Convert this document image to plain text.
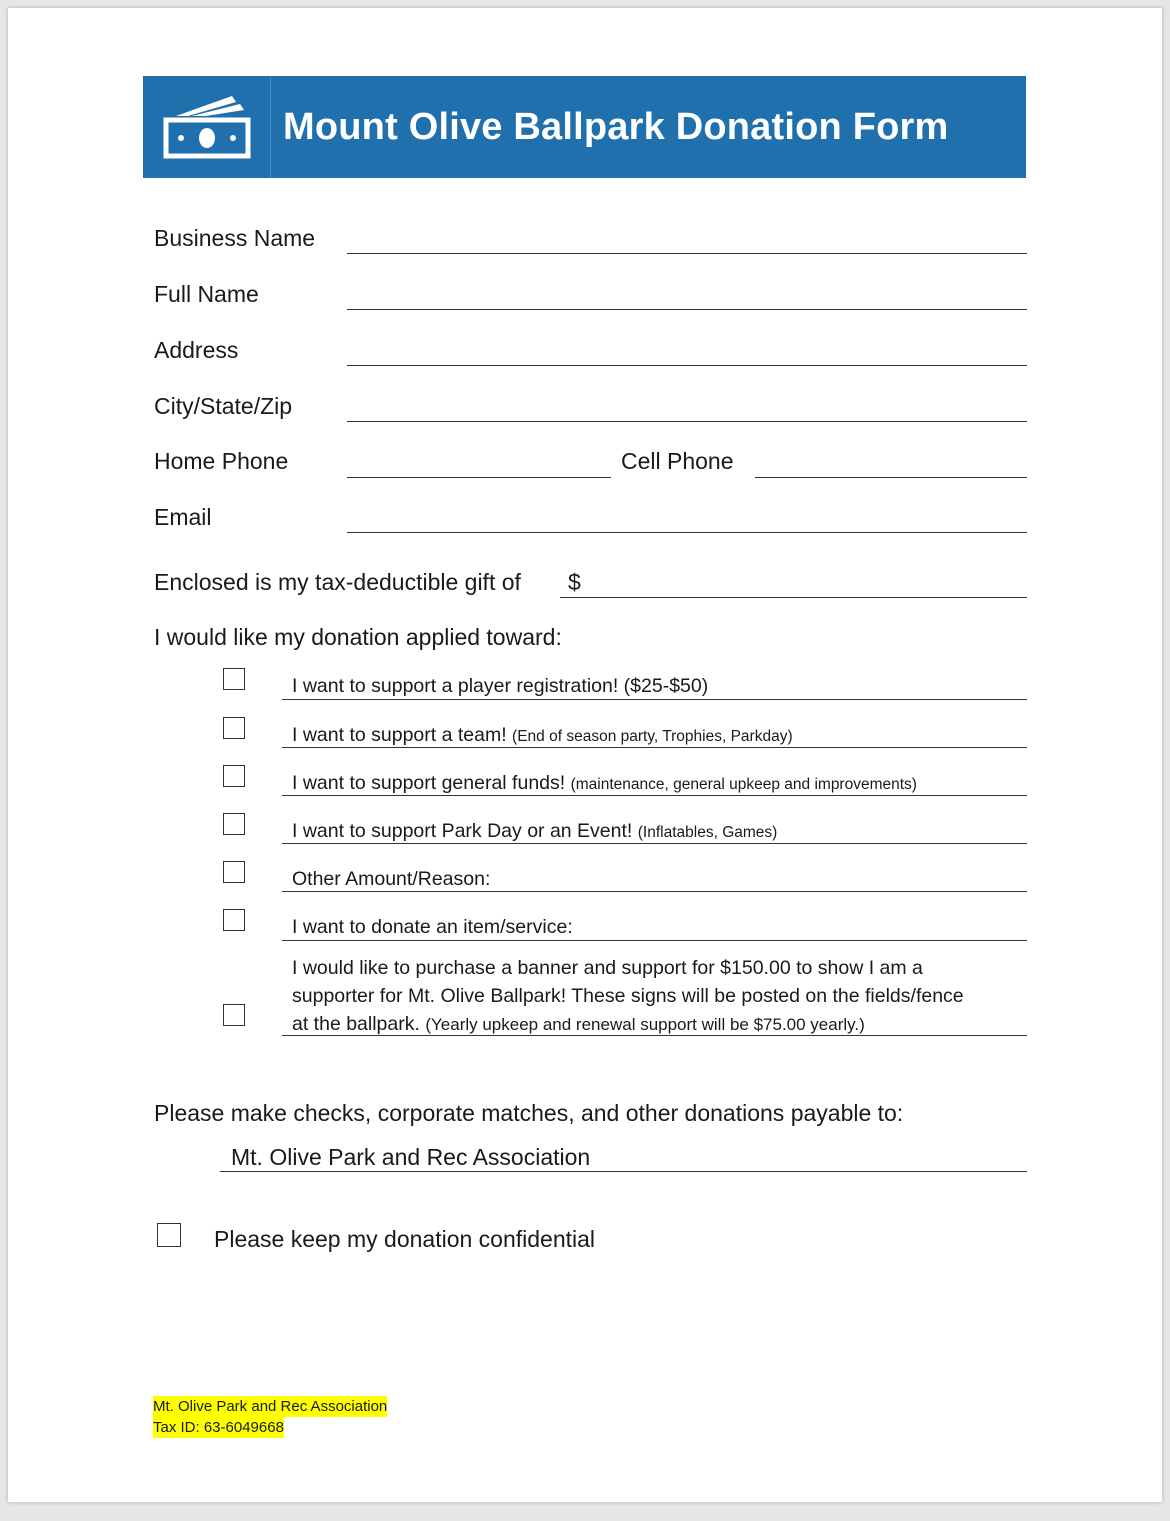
Mount Olive Ballpark Donation Form
Business Name
Full Name
Address
City/State/Zip
Home Phone	Cell Phone
Email
Enclosed is my tax-deductible gift of $
I would like my donation applied toward:
I want to support a player registration! ($25-$50)
I want to support a team! (End of season party, Trophies, Parkday)
I want to support general funds! (maintenance, general upkeep and improvements)
I want to support Park Day or an Event! (Inflatables, Games)
Other Amount/Reason:
I want to donate an item/service:
I would like to purchase a banner and support for $150.00 to show I am a
supporter for Mt. Olive Ballpark! These signs will be posted on the fields/fence
at the ballpark. (Yearly upkeep and renewal support will be $75.00 yearly.)
Please make checks, corporate matches, and other donations payable to:
Mt. Olive Park and Rec Association
Please keep my donation confidential
Mt. Olive Park and Rec Association
Tax ID: 63-6049668
